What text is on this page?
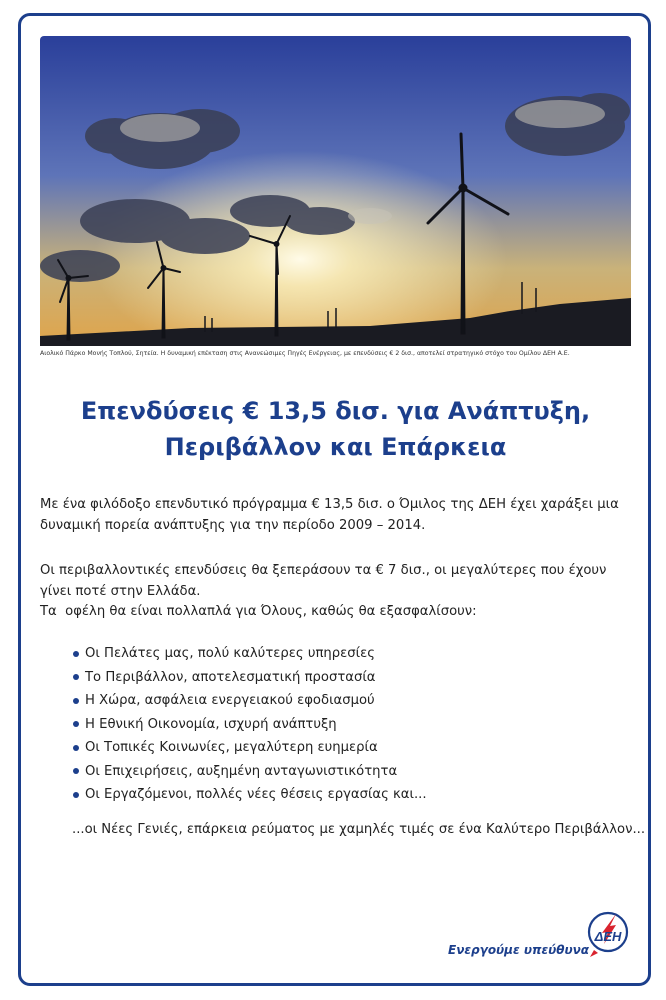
Αιολικό Πάρκο Μονής Τοπλού, Σητεία. Η δυναμική επέκταση στις Ανανεώσιμες Πηγές Ενέργειας, με επενδύσεις € 2 δισ., αποτελεί στρατηγικό στόχο του Ομίλου ΔΕΗ Α.Ε.
Επενδύσεις € 13,5 δισ. για Ανάπτυξη,
Περιβάλλον και Επάρκεια
Με ένα φιλόδοξο επενδυτικό πρόγραμμα € 13,5 δισ. ο Όμιλος της ΔΕΗ έχει χαράξει μια δυναμική πορεία ανάπτυξης για την περίοδο 2009 – 2014.
Οι περιβαλλοντικές επενδύσεις θα ξεπεράσουν τα € 7 δισ., οι μεγαλύτερες που έχουν γίνει ποτέ στην Ελλάδα.
Τα  οφέλη θα είναι πολλαπλά για Όλους, καθώς θα εξασφαλίσουν:
Οι Πελάτες μας, πολύ καλύτερες υπηρεσίες
Το Περιβάλλον, αποτελεσματική προστασία
Η Χώρα, ασφάλεια ενεργειακού εφοδιασμού
Η Εθνική Οικονομία, ισχυρή ανάπτυξη
Οι Τοπικές Κοινωνίες, μεγαλύτερη ευημερία
Οι Επιχειρήσεις, αυξημένη ανταγωνιστικότητα
Οι Εργαζόμενοι, πολλές νέες θέσεις εργασίας και...
...οι Νέες Γενιές, επάρκεια ρεύματος με χαμηλές τιμές σε ένα Καλύτερο Περιβάλλον...
Ενεργούμε υπεύθυνα
ΔΕΗ
